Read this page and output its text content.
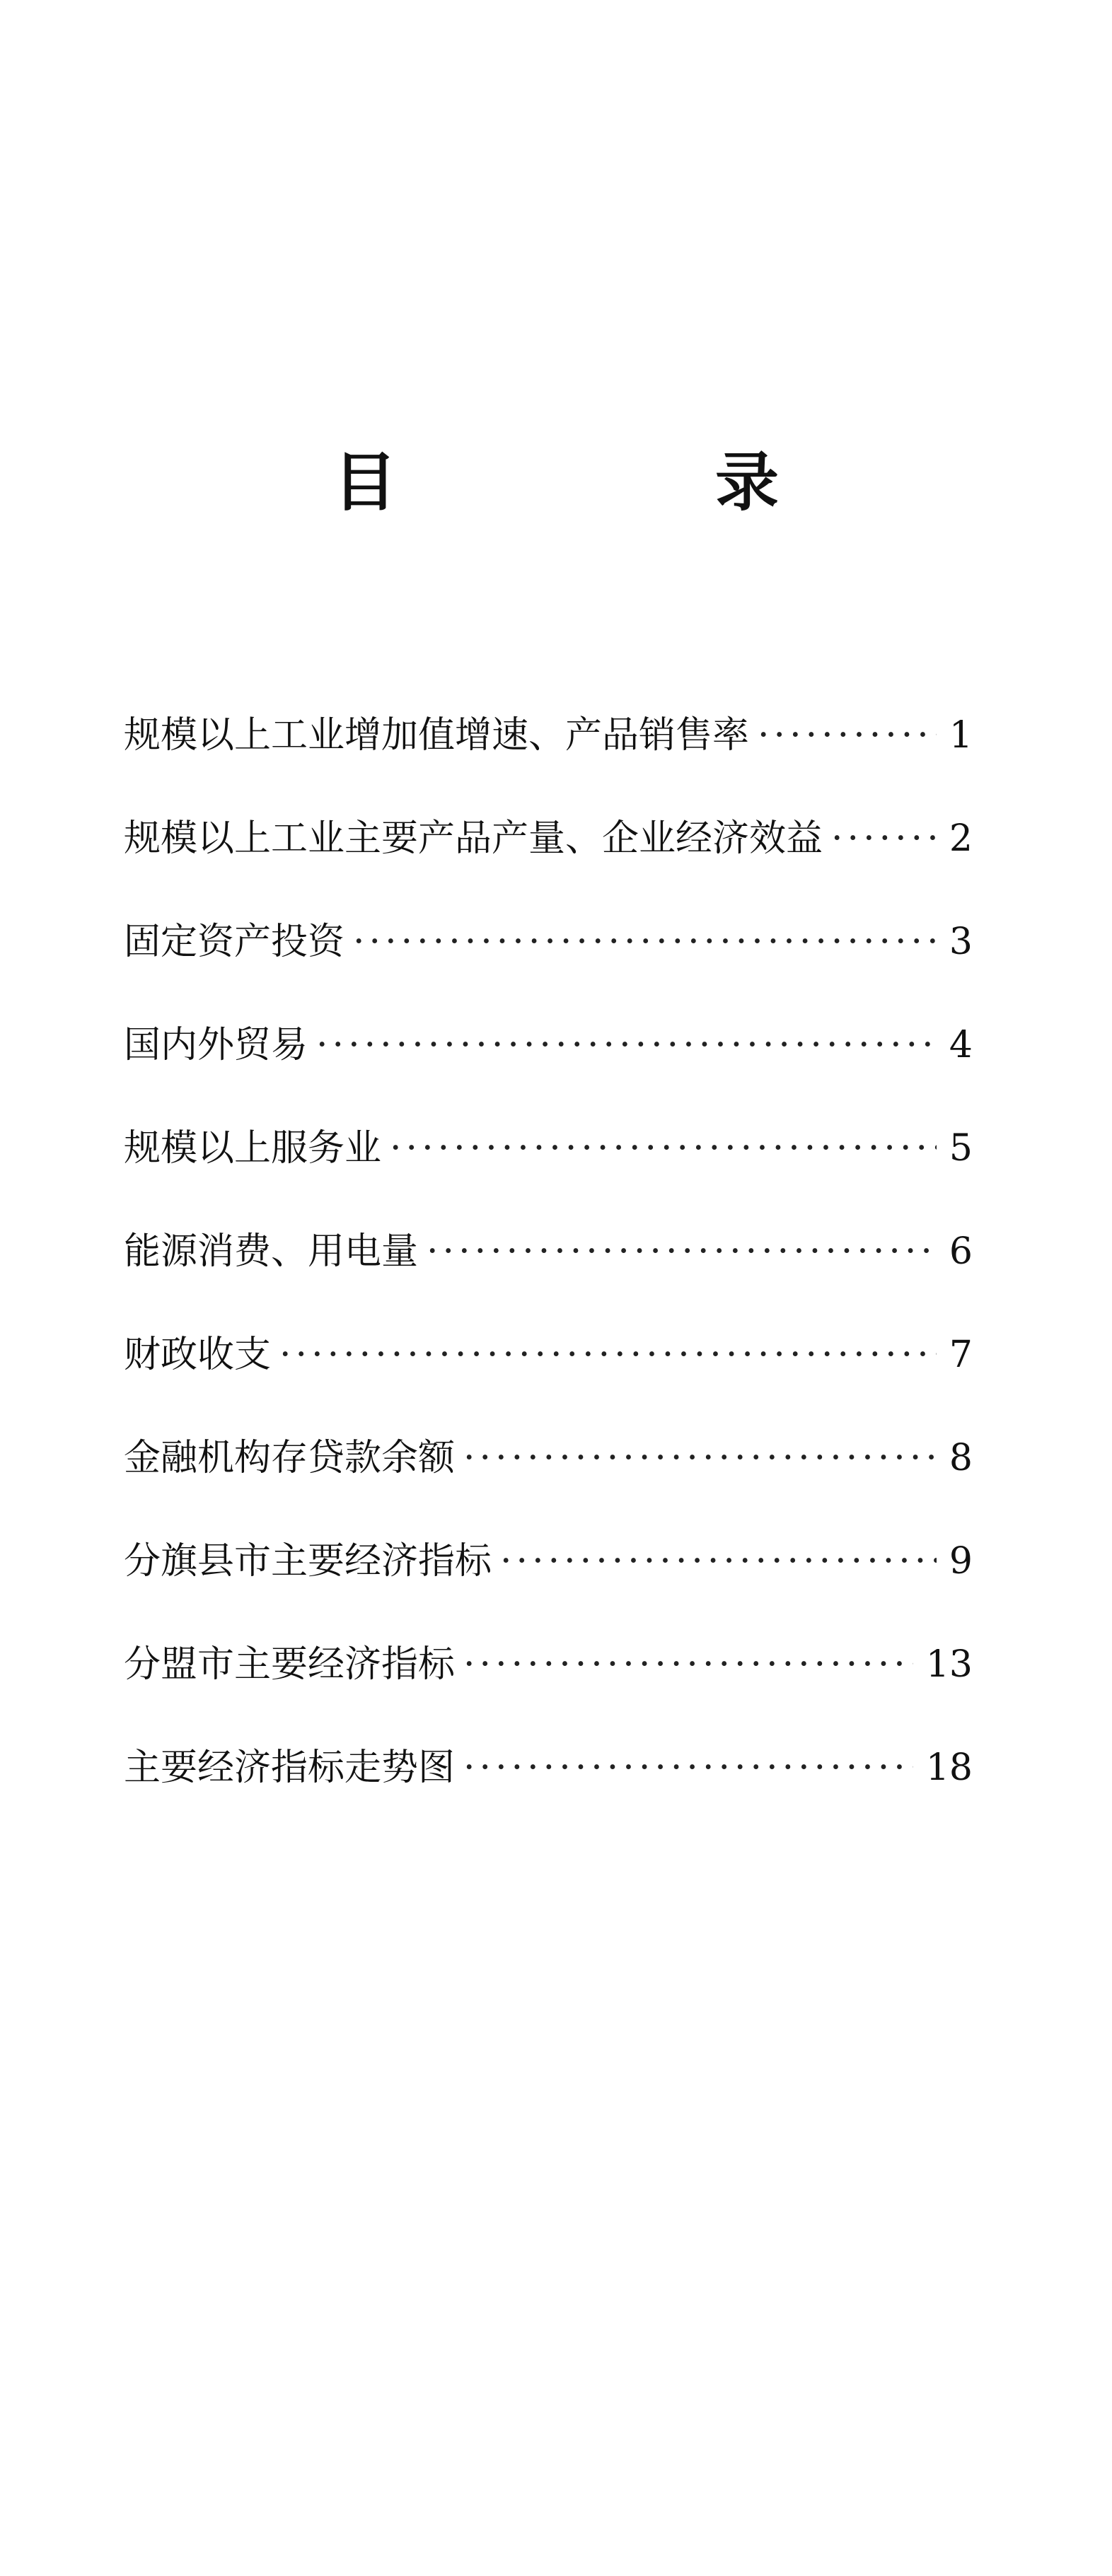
目　录
规模以上工业增加值增速、产品销售率 ·····	1
规模以上工业主要产品产量、企业经济效益 ·····	2
固定资产投资 ·····	3
国内外贸易 ·····	4
规模以上服务业 ·····	5
能源消费、用电量 ·····	6
财政收支 ·····	7
金融机构存贷款余额 ·····	8
分旗县市主要经济指标 ·····	9
分盟市主要经济指标 ·····	13
主要经济指标走势图 ·····	18
